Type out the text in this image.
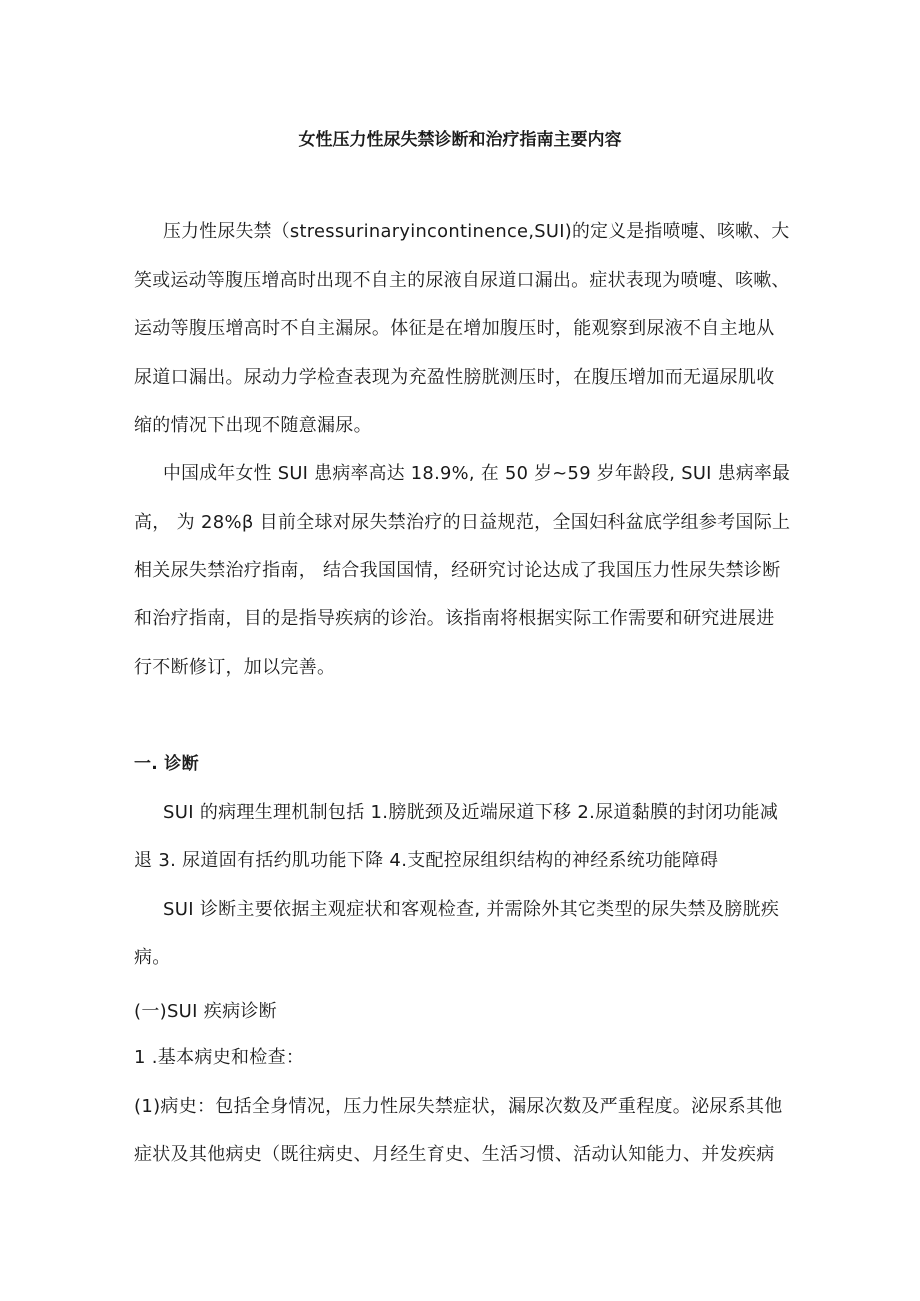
女性压力性尿失禁诊断和治疗指南主要内容
压力性尿失禁（stressurinaryincontinence,SUI)的定义是指喷嚏、咳嗽、大
笑或运动等腹压增高时出现不自主的尿液自尿道口漏出。症状表现为喷嚏、咳嗽、
运动等腹压增高时不自主漏尿。体征是在增加腹压时，能观察到尿液不自主地从
尿道口漏出。尿动力学检查表现为充盈性膀胱测压时，在腹压增加而无逼尿肌收
缩的情况下出现不随意漏尿。
中国成年女性 SUI 患病率高达 18.9%, 在 50 岁~59 岁年龄段, SUI 患病率最
高， 为 28%β 目前全球对尿失禁治疗的日益规范，全国妇科盆底学组参考国际上
相关尿失禁治疗指南， 结合我国国情，经研究讨论达成了我国压力性尿失禁诊断
和治疗指南，目的是指导疾病的诊治。该指南将根据实际工作需要和研究进展进
行不断修订，加以完善。
一. 诊断
SUI 的病理生理机制包括 1.膀胱颈及近端尿道下移 2.尿道黏膜的封闭功能减
退 3. 尿道固有括约肌功能下降 4.支配控尿组织结构的神经系统功能障碍
SUI 诊断主要依据主观症状和客观检查, 并需除外其它类型的尿失禁及膀胱疾
病。
(一)SUI 疾病诊断
1 .基本病史和检查：
(1)病史：包括全身情况，压力性尿失禁症状，漏尿次数及严重程度。泌尿系其他
症状及其他病史（既往病史、月经生育史、生活习惯、活动认知能力、并发疾病
